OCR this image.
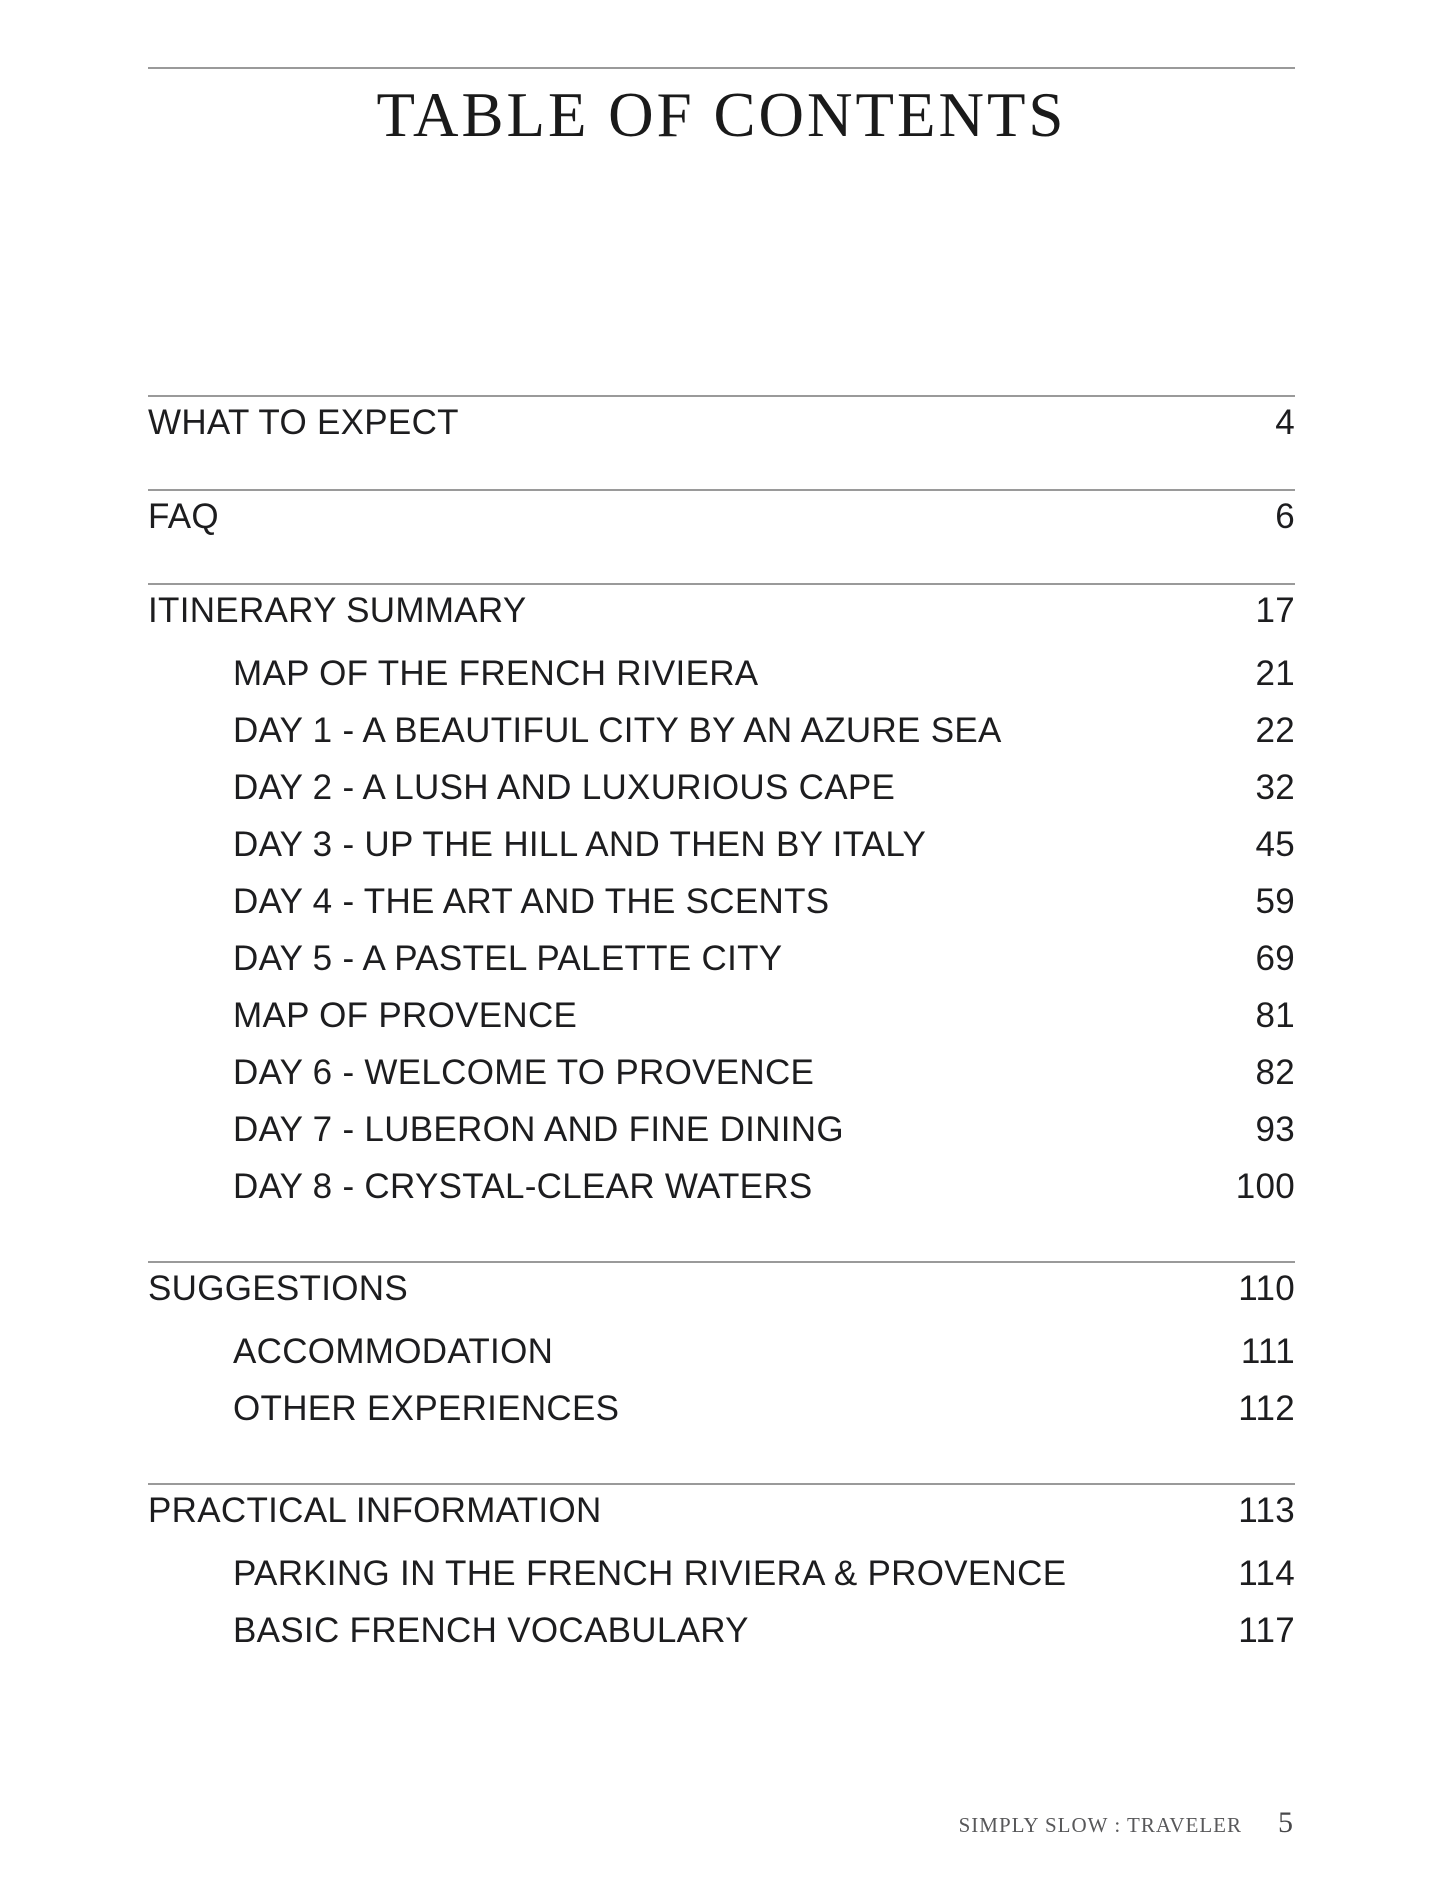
TABLE OF CONTENTS
WHAT TO EXPECT	4
FAQ	6
ITINERARY SUMMARY	17
MAP OF THE FRENCH RIVIERA	21
DAY 1 - A BEAUTIFUL CITY BY AN AZURE SEA	22
DAY 2 - A LUSH AND LUXURIOUS CAPE	32
DAY 3 - UP THE HILL AND THEN BY ITALY	45
DAY 4 - THE ART AND THE SCENTS	59
DAY 5 - A PASTEL PALETTE CITY	69
MAP OF PROVENCE	81
DAY 6 - WELCOME TO PROVENCE	82
DAY 7 - LUBERON AND FINE DINING	93
DAY 8 - CRYSTAL-CLEAR WATERS	100
SUGGESTIONS	110
ACCOMMODATION	111
OTHER EXPERIENCES	112
PRACTICAL INFORMATION	113
PARKING IN THE FRENCH RIVIERA & PROVENCE	114
BASIC FRENCH VOCABULARY	117
SIMPLY SLOW : TRAVELER 5
